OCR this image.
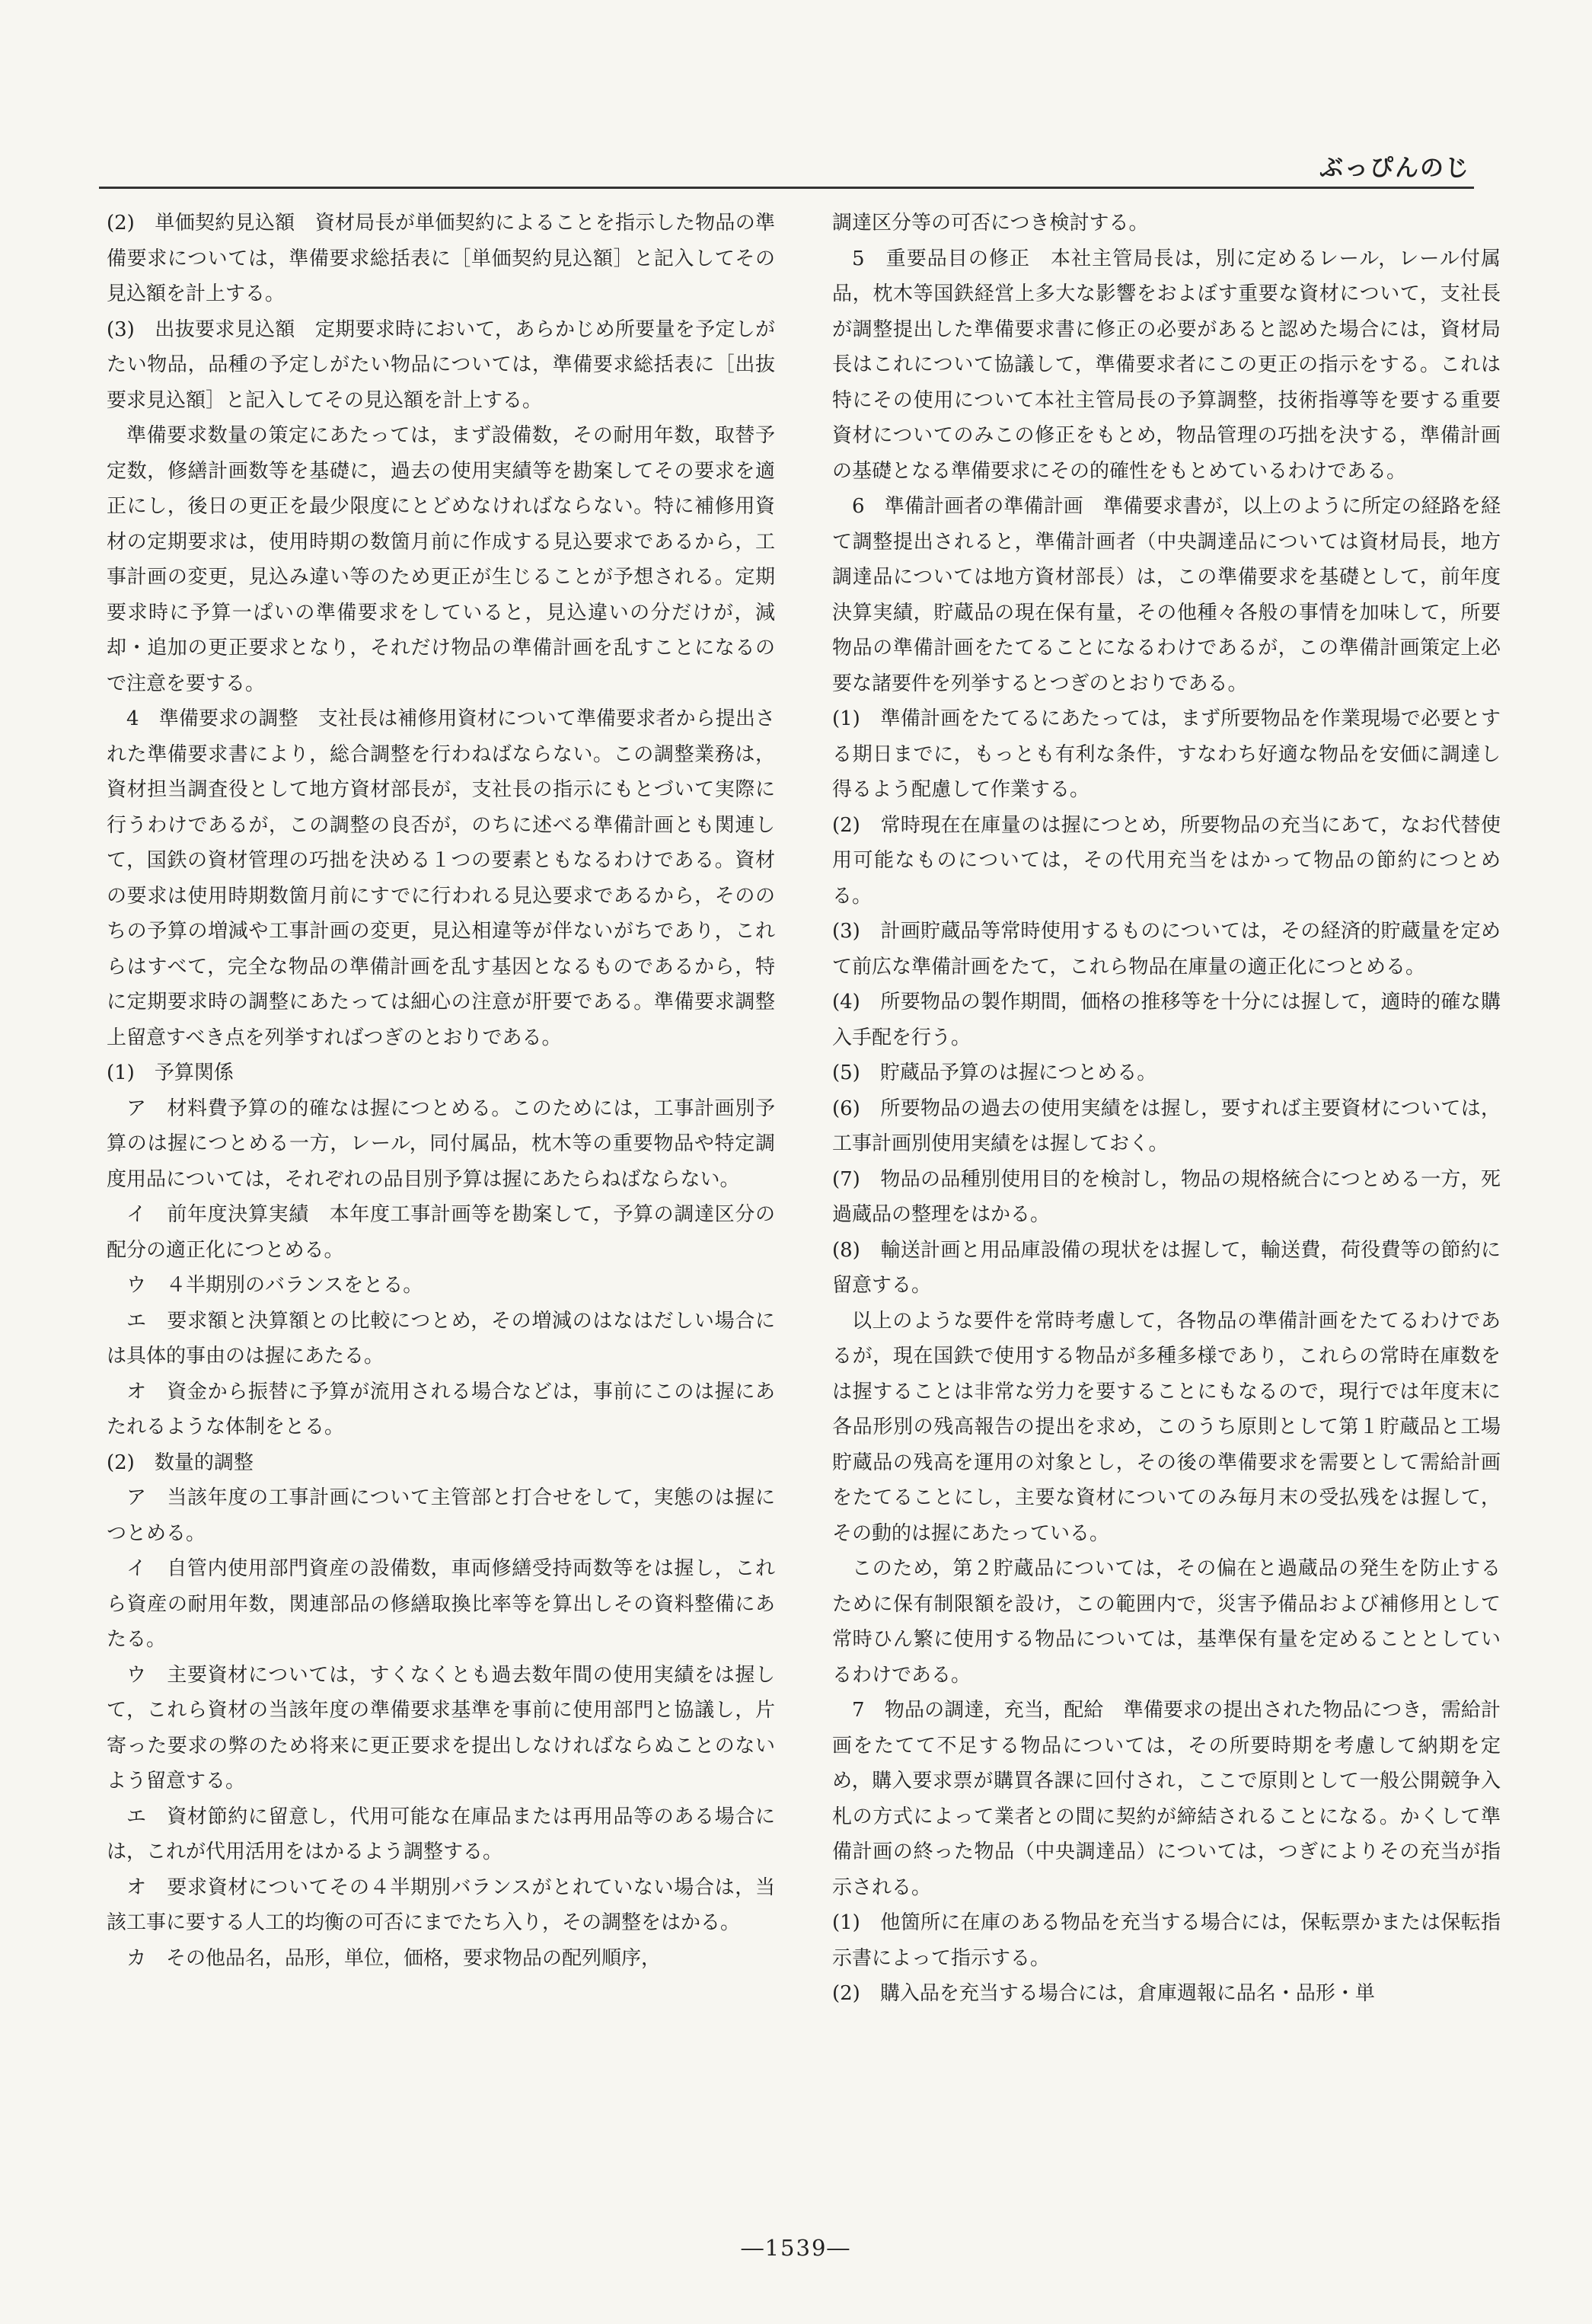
ぶっぴんのじ

(2)　単価契約見込額　資材局長が単価契約によることを指示した物品の準備要求については，準備要求総括表に［単価契約見込額］と記入してその見込額を計上する。

(3)　出抜要求見込額　定期要求時において，あらかじめ所要量を予定しがたい物品，品種の予定しがたい物品については，準備要求総括表に［出抜要求見込額］と記入してその見込額を計上する。

準備要求数量の策定にあたっては，まず設備数，その耐用年数，取替予定数，修繕計画数等を基礎に，過去の使用実績等を勘案してその要求を適正にし，後日の更正を最少限度にとどめなければならない。特に補修用資材の定期要求は，使用時期の数箇月前に作成する見込要求であるから，工事計画の変更，見込み違い等のため更正が生じることが予想される。定期要求時に予算一ぱいの準備要求をしていると，見込違いの分だけが，減却・追加の更正要求となり，それだけ物品の準備計画を乱すことになるので注意を要する。

4　準備要求の調整　支社長は補修用資材について準備要求者から提出された準備要求書により，総合調整を行わねばならない。この調整業務は，資材担当調査役として地方資材部長が，支社長の指示にもとづいて実際に行うわけであるが，この調整の良否が，のちに述べる準備計画とも関連して，国鉄の資材管理の巧拙を決める１つの要素ともなるわけである。資材の要求は使用時期数箇月前にすでに行われる見込要求であるから，そののちの予算の増減や工事計画の変更，見込相違等が伴ないがちであり，これらはすべて，完全な物品の準備計画を乱す基因となるものであるから，特に定期要求時の調整にあたっては細心の注意が肝要である。準備要求調整上留意すべき点を列挙すればつぎのとおりである。

(1)　予算関係

ア　材料費予算の的確なは握につとめる。このためには，工事計画別予算のは握につとめる一方，レール，同付属品，枕木等の重要物品や特定調度用品については，それぞれの品目別予算は握にあたらねばならない。

イ　前年度決算実績　本年度工事計画等を勘案して，予算の調達区分の配分の適正化につとめる。

ウ　４半期別のバランスをとる。

エ　要求額と決算額との比較につとめ，その増減のはなはだしい場合には具体的事由のは握にあたる。

オ　資金から振替に予算が流用される場合などは，事前にこのは握にあたれるような体制をとる。

(2)　数量的調整

ア　当該年度の工事計画について主管部と打合せをして，実態のは握につとめる。

イ　自管内使用部門資産の設備数，車両修繕受持両数等をは握し，これら資産の耐用年数，関連部品の修繕取換比率等を算出しその資料整備にあたる。

ウ　主要資材については，すくなくとも過去数年間の使用実績をは握して，これら資材の当該年度の準備要求基準を事前に使用部門と協議し，片寄った要求の弊のため将来に更正要求を提出しなければならぬことのないよう留意する。

エ　資材節約に留意し，代用可能な在庫品または再用品等のある場合には，これが代用活用をはかるよう調整する。

オ　要求資材についてその４半期別バランスがとれていない場合は，当該工事に要する人工的均衡の可否にまでたち入り，その調整をはかる。

カ　その他品名，品形，単位，価格，要求物品の配列順序，

調達区分等の可否につき検討する。

5　重要品目の修正　本社主管局長は，別に定めるレール，レール付属品，枕木等国鉄経営上多大な影響をおよぼす重要な資材について，支社長が調整提出した準備要求書に修正の必要があると認めた場合には，資材局長はこれについて協議して，準備要求者にこの更正の指示をする。これは特にその使用について本社主管局長の予算調整，技術指導等を要する重要資材についてのみこの修正をもとめ，物品管理の巧拙を決する，準備計画の基礎となる準備要求にその的確性をもとめているわけである。

6　準備計画者の準備計画　準備要求書が，以上のように所定の経路を経て調整提出されると，準備計画者（中央調達品については資材局長，地方調達品については地方資材部長）は，この準備要求を基礎として，前年度決算実績，貯蔵品の現在保有量，その他種々各般の事情を加味して，所要物品の準備計画をたてることになるわけであるが，この準備計画策定上必要な諸要件を列挙するとつぎのとおりである。

(1)　準備計画をたてるにあたっては，まず所要物品を作業現場で必要とする期日までに，もっとも有利な条件，すなわち好適な物品を安価に調達し得るよう配慮して作業する。

(2)　常時現在在庫量のは握につとめ，所要物品の充当にあて，なお代替使用可能なものについては，その代用充当をはかって物品の節約につとめる。

(3)　計画貯蔵品等常時使用するものについては，その経済的貯蔵量を定めて前広な準備計画をたて，これら物品在庫量の適正化につとめる。

(4)　所要物品の製作期間，価格の推移等を十分には握して，適時的確な購入手配を行う。

(5)　貯蔵品予算のは握につとめる。

(6)　所要物品の過去の使用実績をは握し，要すれば主要資材については，工事計画別使用実績をは握しておく。

(7)　物品の品種別使用目的を検討し，物品の規格統合につとめる一方，死過蔵品の整理をはかる。

(8)　輸送計画と用品庫設備の現状をは握して，輸送費，荷役費等の節約に留意する。

以上のような要件を常時考慮して，各物品の準備計画をたてるわけであるが，現在国鉄で使用する物品が多種多様であり，これらの常時在庫数をは握することは非常な労力を要することにもなるので，現行では年度末に各品形別の残高報告の提出を求め，このうち原則として第１貯蔵品と工場貯蔵品の残高を運用の対象とし，その後の準備要求を需要として需給計画をたてることにし，主要な資材についてのみ毎月末の受払残をは握して，その動的は握にあたっている。

このため，第２貯蔵品については，その偏在と過蔵品の発生を防止するために保有制限額を設け，この範囲内で，災害予備品および補修用として常時ひん繁に使用する物品については，基準保有量を定めることとしているわけである。

7　物品の調達，充当，配給　準備要求の提出された物品につき，需給計画をたてて不足する物品については，その所要時期を考慮して納期を定め，購入要求票が購買各課に回付され，ここで原則として一般公開競争入札の方式によって業者との間に契約が締結されることになる。かくして準備計画の終った物品（中央調達品）については，つぎによりその充当が指示される。

(1)　他箇所に在庫のある物品を充当する場合には，保転票かまたは保転指示書によって指示する。

(2)　購入品を充当する場合には，倉庫週報に品名・品形・単

―1539―
